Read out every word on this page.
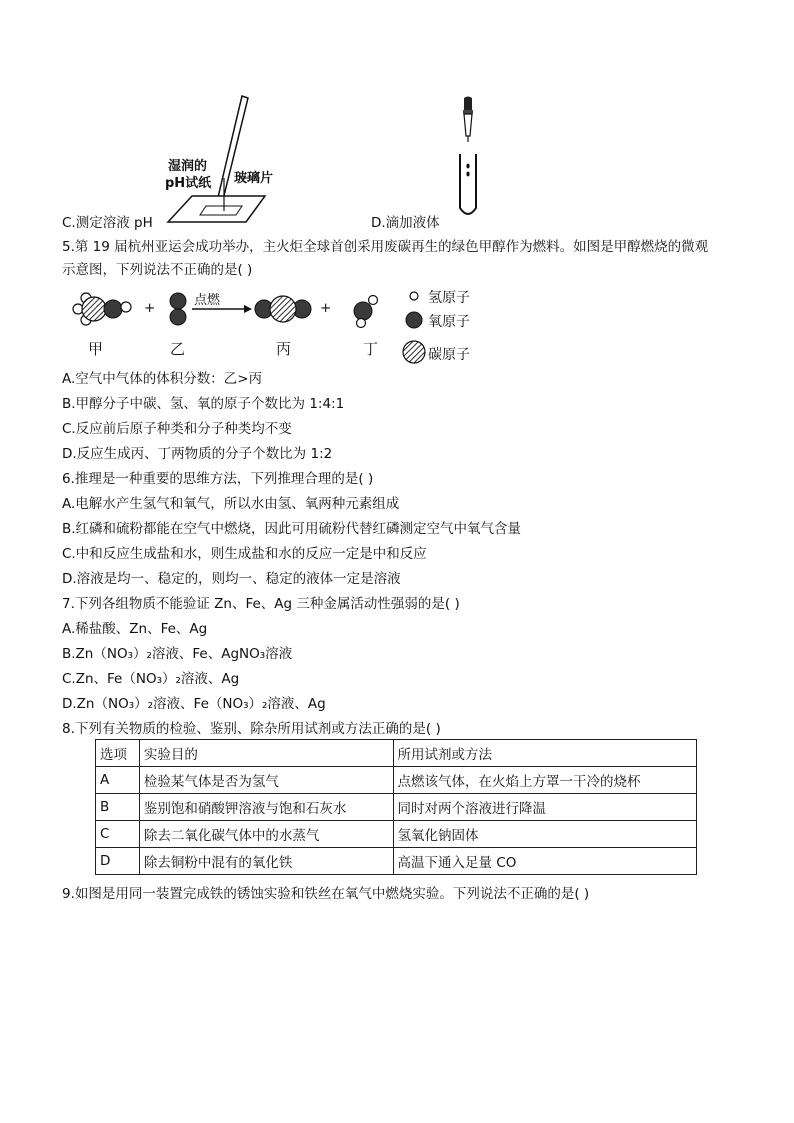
湿润的
pH试纸 玻璃片
C.测定溶液 pH	D.滴加液体
5.第 19 届杭州亚运会成功举办，主火炬全球首创采用废碳再生的绿色甲醇作为燃料。如图是甲醇燃烧的微观
示意图，下列说法不正确的是( )
+	+
点燃
甲	乙	丙	丁
氢原子
氧原子
碳原子
A.空气中气体的体积分数：乙>丙
B.甲醇分子中碳、氢、氧的原子个数比为 1:4:1
C.反应前后原子种类和分子种类均不变
D.反应生成丙、丁两物质的分子个数比为 1:2
6.推理是一种重要的思维方法，下列推理合理的是( )
A.电解水产生氢气和氧气，所以水由氢、氧两种元素组成
B.红磷和硫粉都能在空气中燃烧，因此可用硫粉代替红磷测定空气中氧气含量
C.中和反应生成盐和水，则生成盐和水的反应一定是中和反应
D.溶液是均一、稳定的，则均一、稳定的液体一定是溶液
7.下列各组物质不能验证 Zn、Fe、Ag 三种金属活动性强弱的是( )
A.稀盐酸、Zn、Fe、Ag
B.Zn（NO₃）₂溶液、Fe、AgNO₃溶液
C.Zn、Fe（NO₃）₂溶液、Ag
D.Zn（NO₃）₂溶液、Fe（NO₃）₂溶液、Ag
8.下列有关物质的检验、鉴别、除杂所用试剂或方法正确的是( )
选项	实验目的	所用试剂或方法
A	检验某气体是否为氢气	点燃该气体，在火焰上方罩一干冷的烧杯
B	鉴别饱和硝酸钾溶液与饱和石灰水	同时对两个溶液进行降温
C	除去二氧化碳气体中的水蒸气	氢氧化钠固体
D	除去铜粉中混有的氧化铁	高温下通入足量 CO
9.如图是用同一装置完成铁的锈蚀实验和铁丝在氧气中燃烧实验。下列说法不正确的是( )
